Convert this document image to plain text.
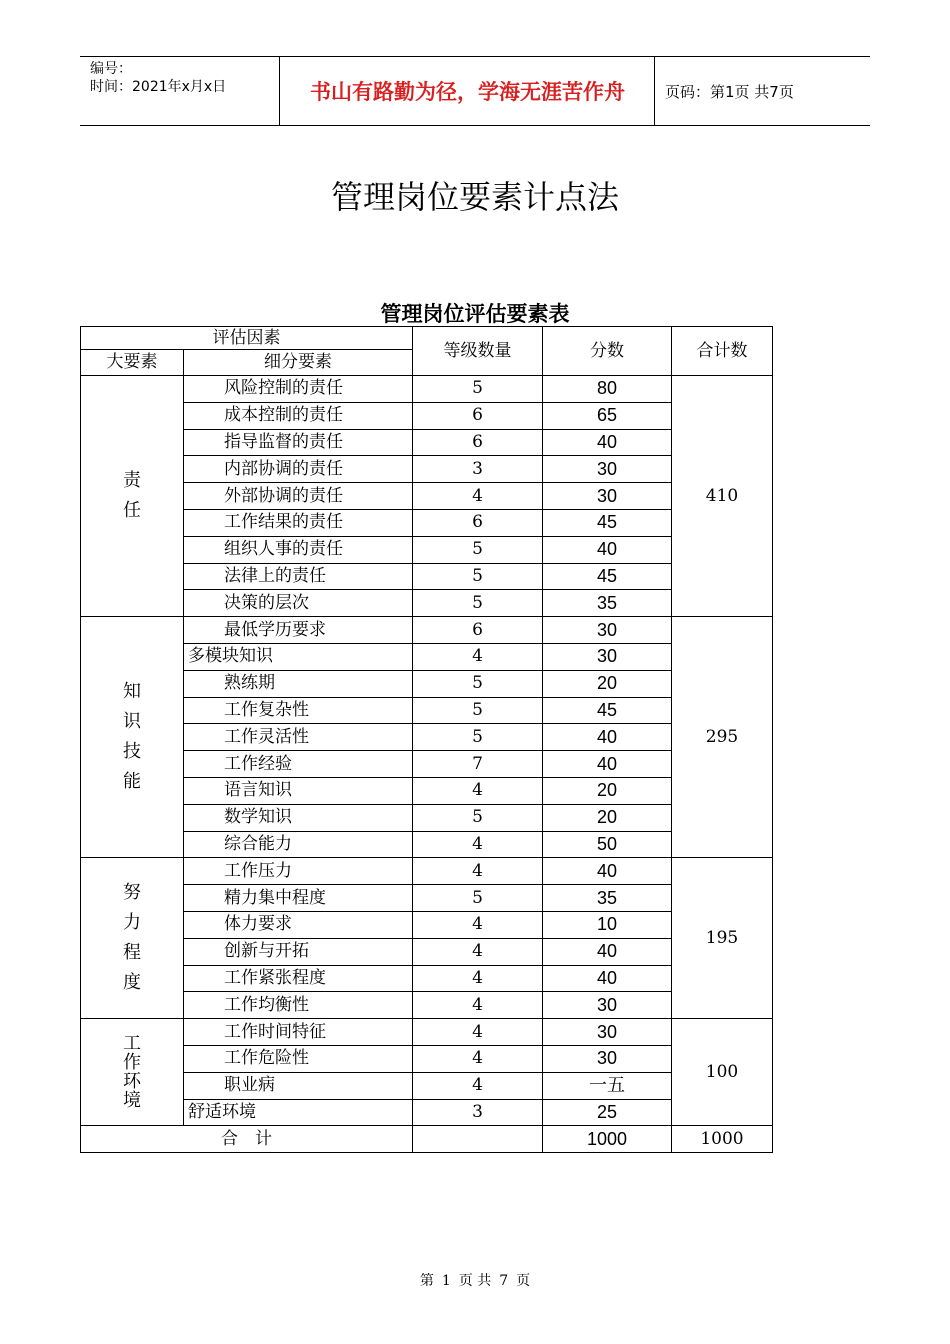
编号：
时间：2021年x月x日	书山有路勤为径，学海无涯苦作舟	页码：第1页 共7页
管理岗位要素计点法
管理岗位评估要素表
评估因素		等级数量	分数	合计数
大要素	细分要素			

责
任	风险控制的责任	5	80	410
	成本控制的责任	6	65	
	指导监督的责任	6	40	
	内部协调的责任	3	30	
	外部协调的责任	4	30	
	工作结果的责任	6	45	
	组织人事的责任	5	40	
	法律上的责任	5	45	
	决策的层次	5	35	

知
识
技
能	最低学历要求	6	30	295
	多模块知识	4	30	
	熟练期	5	20	
	工作复杂性	5	45	
	工作灵活性	5	40	
	工作经验	7	40	
	语言知识	4	20	
	数学知识	5	20	
	综合能力	4	50	

努
力
程
度	工作压力	4	40	195
	精力集中程度	5	35	
	体力要求	4	10	
	创新与开拓	4	40	
	工作紧张程度	4	40	
	工作均衡性	4	30	

工
作
环
境	工作时间特征	4	30	100
	工作危险性	4	30	
	职业病	4	一五	
	舒适环境	3	25	
合　计			1000	1000
第 1 页 共 7 页
